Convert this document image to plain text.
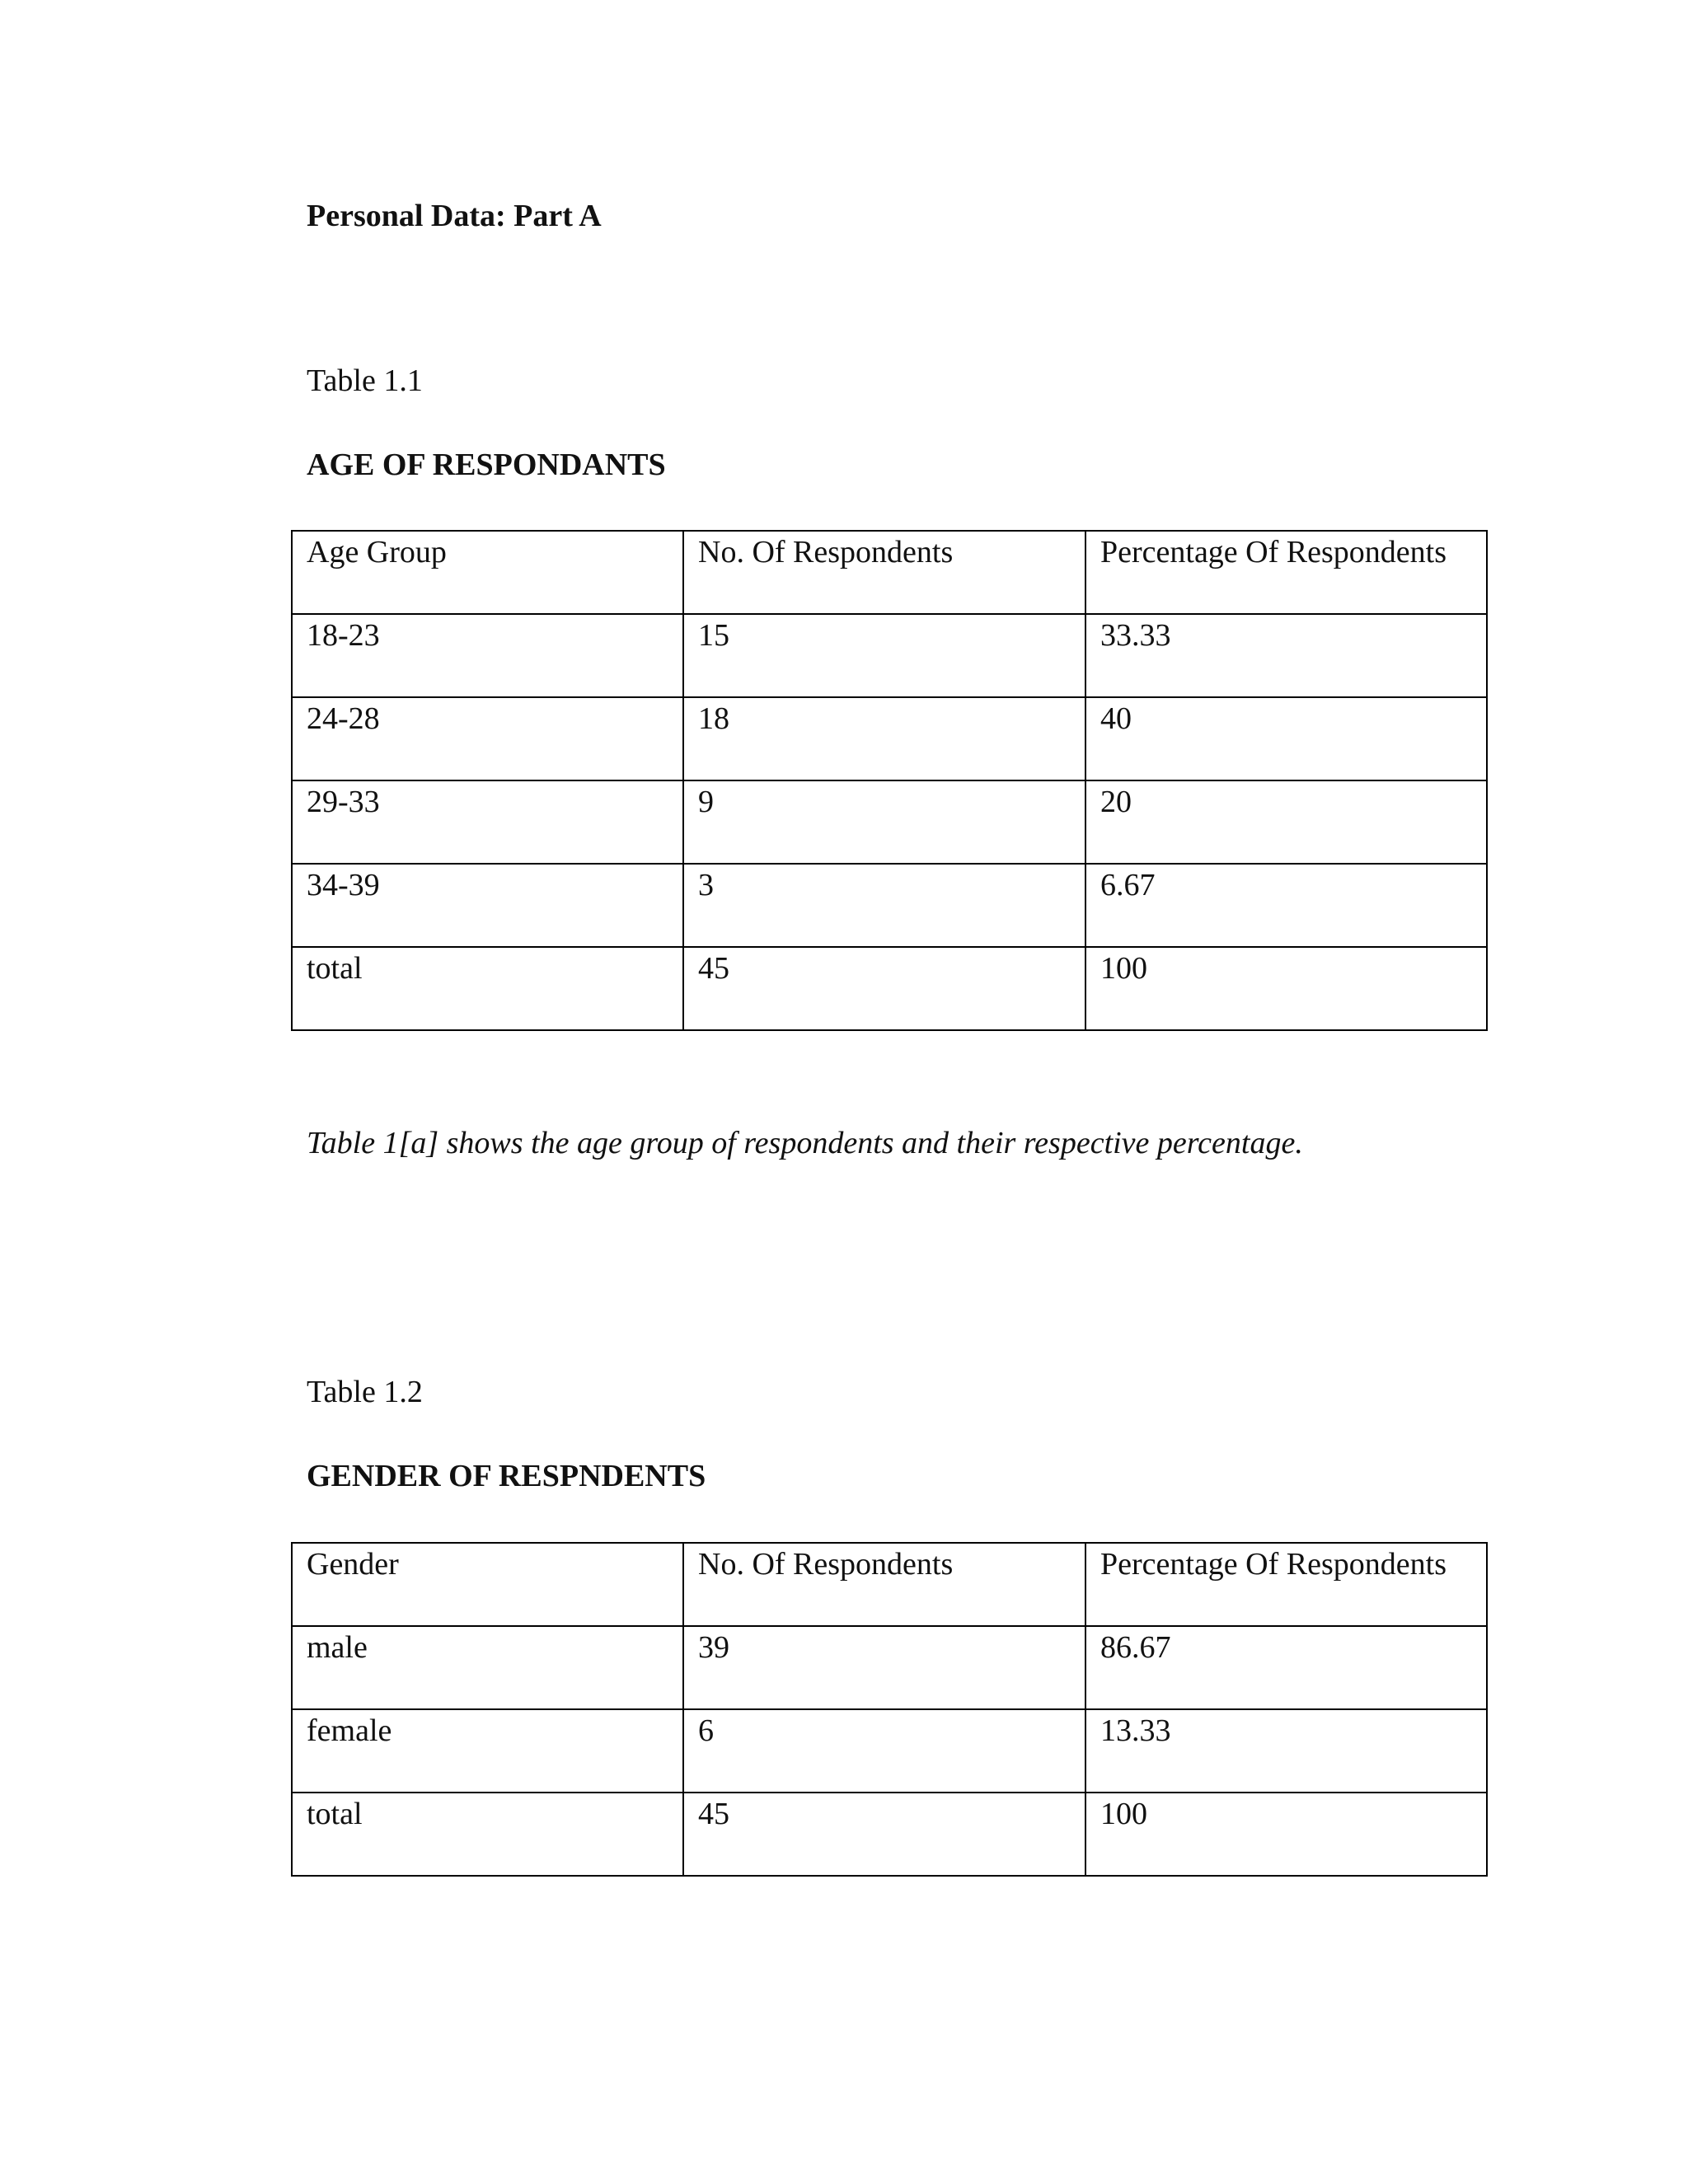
Personal Data: Part A
Table 1.1
AGE OF RESPONDANTS
Age Group	No. Of Respondents	Percentage Of Respondents
18-23	15	33.33
24-28	18	40
29-33	9	20
34-39	3	6.67
total	45	100
Table 1[a] shows the age group of respondents and their respective percentage.
Table 1.2
GENDER OF RESPNDENTS
Gender	No. Of Respondents	Percentage Of Respondents
male	39	86.67
female	6	13.33
total	45	100
